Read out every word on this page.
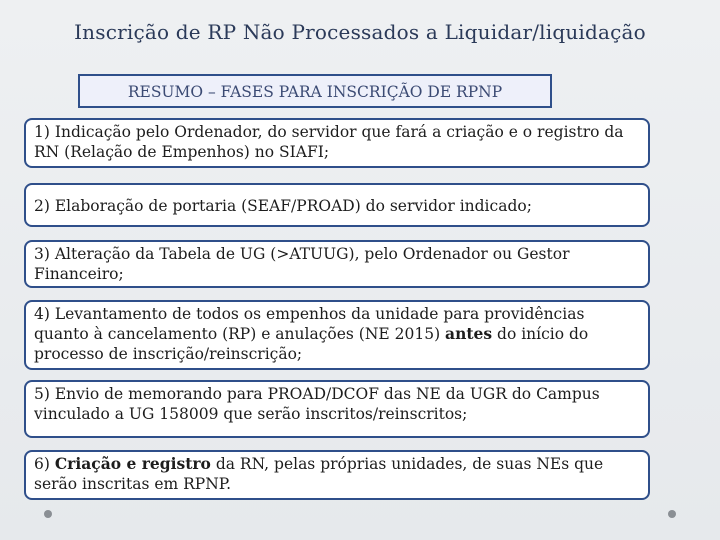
Inscrição de RP Não Processados a Liquidar/liquidação
RESUMO – FASES PARA INSCRIÇÃO DE RPNP
1) Indicação pelo Ordenador, do servidor que fará a criação e o registro da RN (Relação de Empenhos) no SIAFI;
2) Elaboração de portaria (SEAF/PROAD) do servidor indicado;
3) Alteração da Tabela de UG (>ATUUG), pelo Ordenador ou Gestor Financeiro;
4) Levantamento de todos os empenhos da unidade para providências quanto à cancelamento (RP) e anulações (NE 2015) antes do início do processo de inscrição/reinscrição;
5) Envio de memorando para PROAD/DCOF das NE da UGR do Campus vinculado a UG 158009 que serão inscritos/reinscritos;
6) Criação e registro da RN, pelas próprias unidades, de suas NEs que serão inscritas em RPNP.
